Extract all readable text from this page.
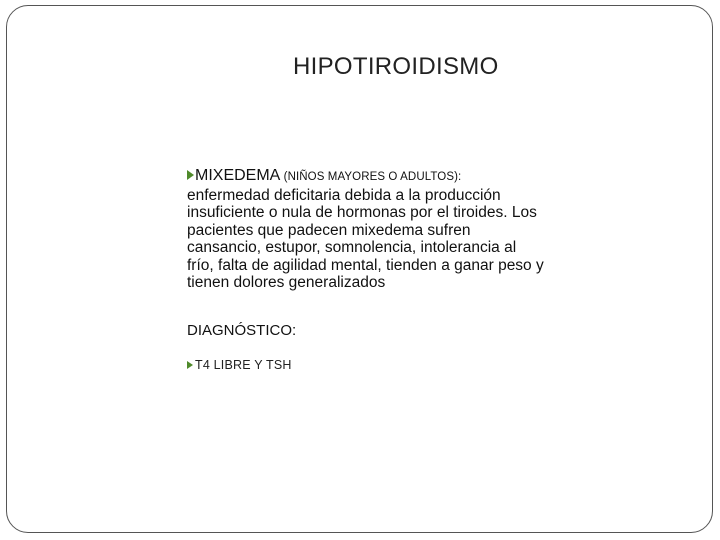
HIPOTIROIDISMO

MIXEDEMA (NIÑOS MAYORES O ADULTOS):
enfermedad deficitaria debida a la producción insuficiente o nula de hormonas por el tiroides. Los pacientes que padecen mixedema sufren cansancio, estupor, somnolencia, intolerancia al frío, falta de agilidad mental, tienden a ganar peso y tienen dolores generalizados

DIAGNÓSTICO:

T4 LIBRE Y TSH
